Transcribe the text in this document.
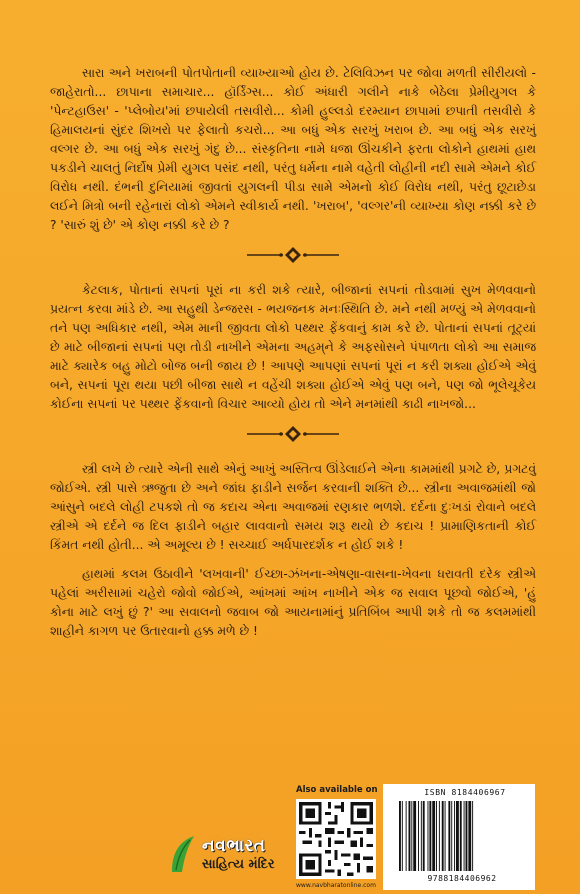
સારા અને ખરાબની પોતપોતાની વ્યાખ્યાઓ હોય છે. ટેલિવિઝન પર જોવા મળતી સીરીયલો - જાહેરાતો... છાપાના સમાચાર... હૉર્ડિંગ્સ... કોઈ અંધારી ગલીને નાકે બેઠેલા પ્રેમીયુગલ કે 'પેન્ટહાઉસ' - 'પ્લેબોય'માં છપાયેલી તસવીરો... કોમી હુલ્લડો દરમ્યાન છાપામાં છપાતી તસવીરો કે હિમાલયનાં સુંદર શિખરો પર ફેલાતો કચરો... આ બધું એક સરખું ખરાબ છે. આ બધું એક સરખું વલ્ગર છે. આ બધું એક સરખું ગંદુ છે... સંસ્કૃતિના નામે ધજા ઊંચકીને ફરતા લોકોને હાથમાં હાથ પકડીને ચાલતું નિર્દોષ પ્રેમી યુગલ પસંદ નથી, પરંતુ ધર્મના નામે વહેતી લોહીની નદી સામે એમને કોઈ વિરોધ નથી. દંભની દુનિયામાં જીવતાં યુગલની પીડા સામે એમનો કોઈ વિરોધ નથી, પરંતુ છૂટાછેડા લઈને મિત્રો બની રહેનારાં લોકો એમને સ્વીકાર્ય નથી. 'ખરાબ', 'વલ્ગર'ની વ્યાખ્યા કોણ નક્કી કરે છે ? 'સારું શું છે' એ કોણ નક્કી કરે છે ?

કેટલાક, પોતાનાં સપનાં પૂરાં ના કરી શકે ત્યારે, બીજાનાં સપનાં તોડવામાં સુખ મેળવવાનો પ્રયત્ન કરવા માંડે છે. આ સહુથી ડેન્જરસ - ભયજનક મનઃસ્થિતિ છે. મને નથી મળ્યું એ મેળવવાનો તને પણ અધિકાર નથી, એમ માની જીવતા લોકો પથ્થર ફેંકવાનું કામ કરે છે. પોતાનાં સપનાં તૂટ્યાં છે માટે બીજાનાં સપનાં પણ તોડી નાખીને એમના અહમ્‌ને કે અફસોસને પંપાળતા લોકો આ સમાજ માટે ક્યારેક બહુ મોટો બોજ બની જાય છે ! આપણે આપણાં સપનાં પૂરાં ન કરી શક્યા હોઈએ એવું બને, સપનાં પૂરા થયા પછી બીજા સાથે ન વહેંચી શક્યા હોઈએ એવું પણ બને, પણ જો ભૂલેચૂકેય કોઈના સપનાં પર પથ્થર ફેંકવાનો વિચાર આવ્યો હોય તો એને મનમાંથી કાઢી નાખજો...

સ્ત્રી લખે છે ત્યારે એની સાથે એનું આખું અસ્તિત્વ ઊંડેલાઈને એના કામમાંથી પ્રગટે છે, પ્રગટવું જોઈએ. સ્ત્રી પાસે ઋજુતા છે અને જાંઘ ફાડીને સર્જન કરવાની શક્તિ છે... સ્ત્રીના અવાજમાંથી જો આંસુને બદલે લોહી ટપકશે તો જ કદાચ એના અવાજમાં રણકાર ભળશે. દર્દના દુઃખડાં રોવાને બદલે સ્ત્રીએ એ દર્દને જ દિલ ફાડીને બહાર લાવવાનો સમય શરૂ થયો છે કદાચ ! પ્રામાણિકતાની કોઈ કિંમત નથી હોતી... એ અમૂલ્ય છે ! સચ્ચાઈ અર્ધપારદર્શક ન હોઈ શકે !

હાથમાં કલમ ઉઠાવીને 'લખવાની' ઈચ્છા-ઝંખના-એષણા-વાસના-ખેવના ધરાવતી દરેક સ્ત્રીએ પહેલાં અરીસામાં ચહેરો જોવો જોઈએ, આંખમાં આંખ નાખીને એક જ સવાલ પૂછવો જોઈએ, 'હું કોના માટે લખું છું ?' આ સવાલનો જવાબ જો આયનામાંનું પ્રતિબિંબ આપી શકે તો જ કલમમાંથી શાહીને કાગળ પર ઉતારવાનો હક્ક મળે છે !

નવભારત
સાહિત્ય મંદિર
Also available on
www.navbharatonline.com
ISBN 8184406967
9788184406962
